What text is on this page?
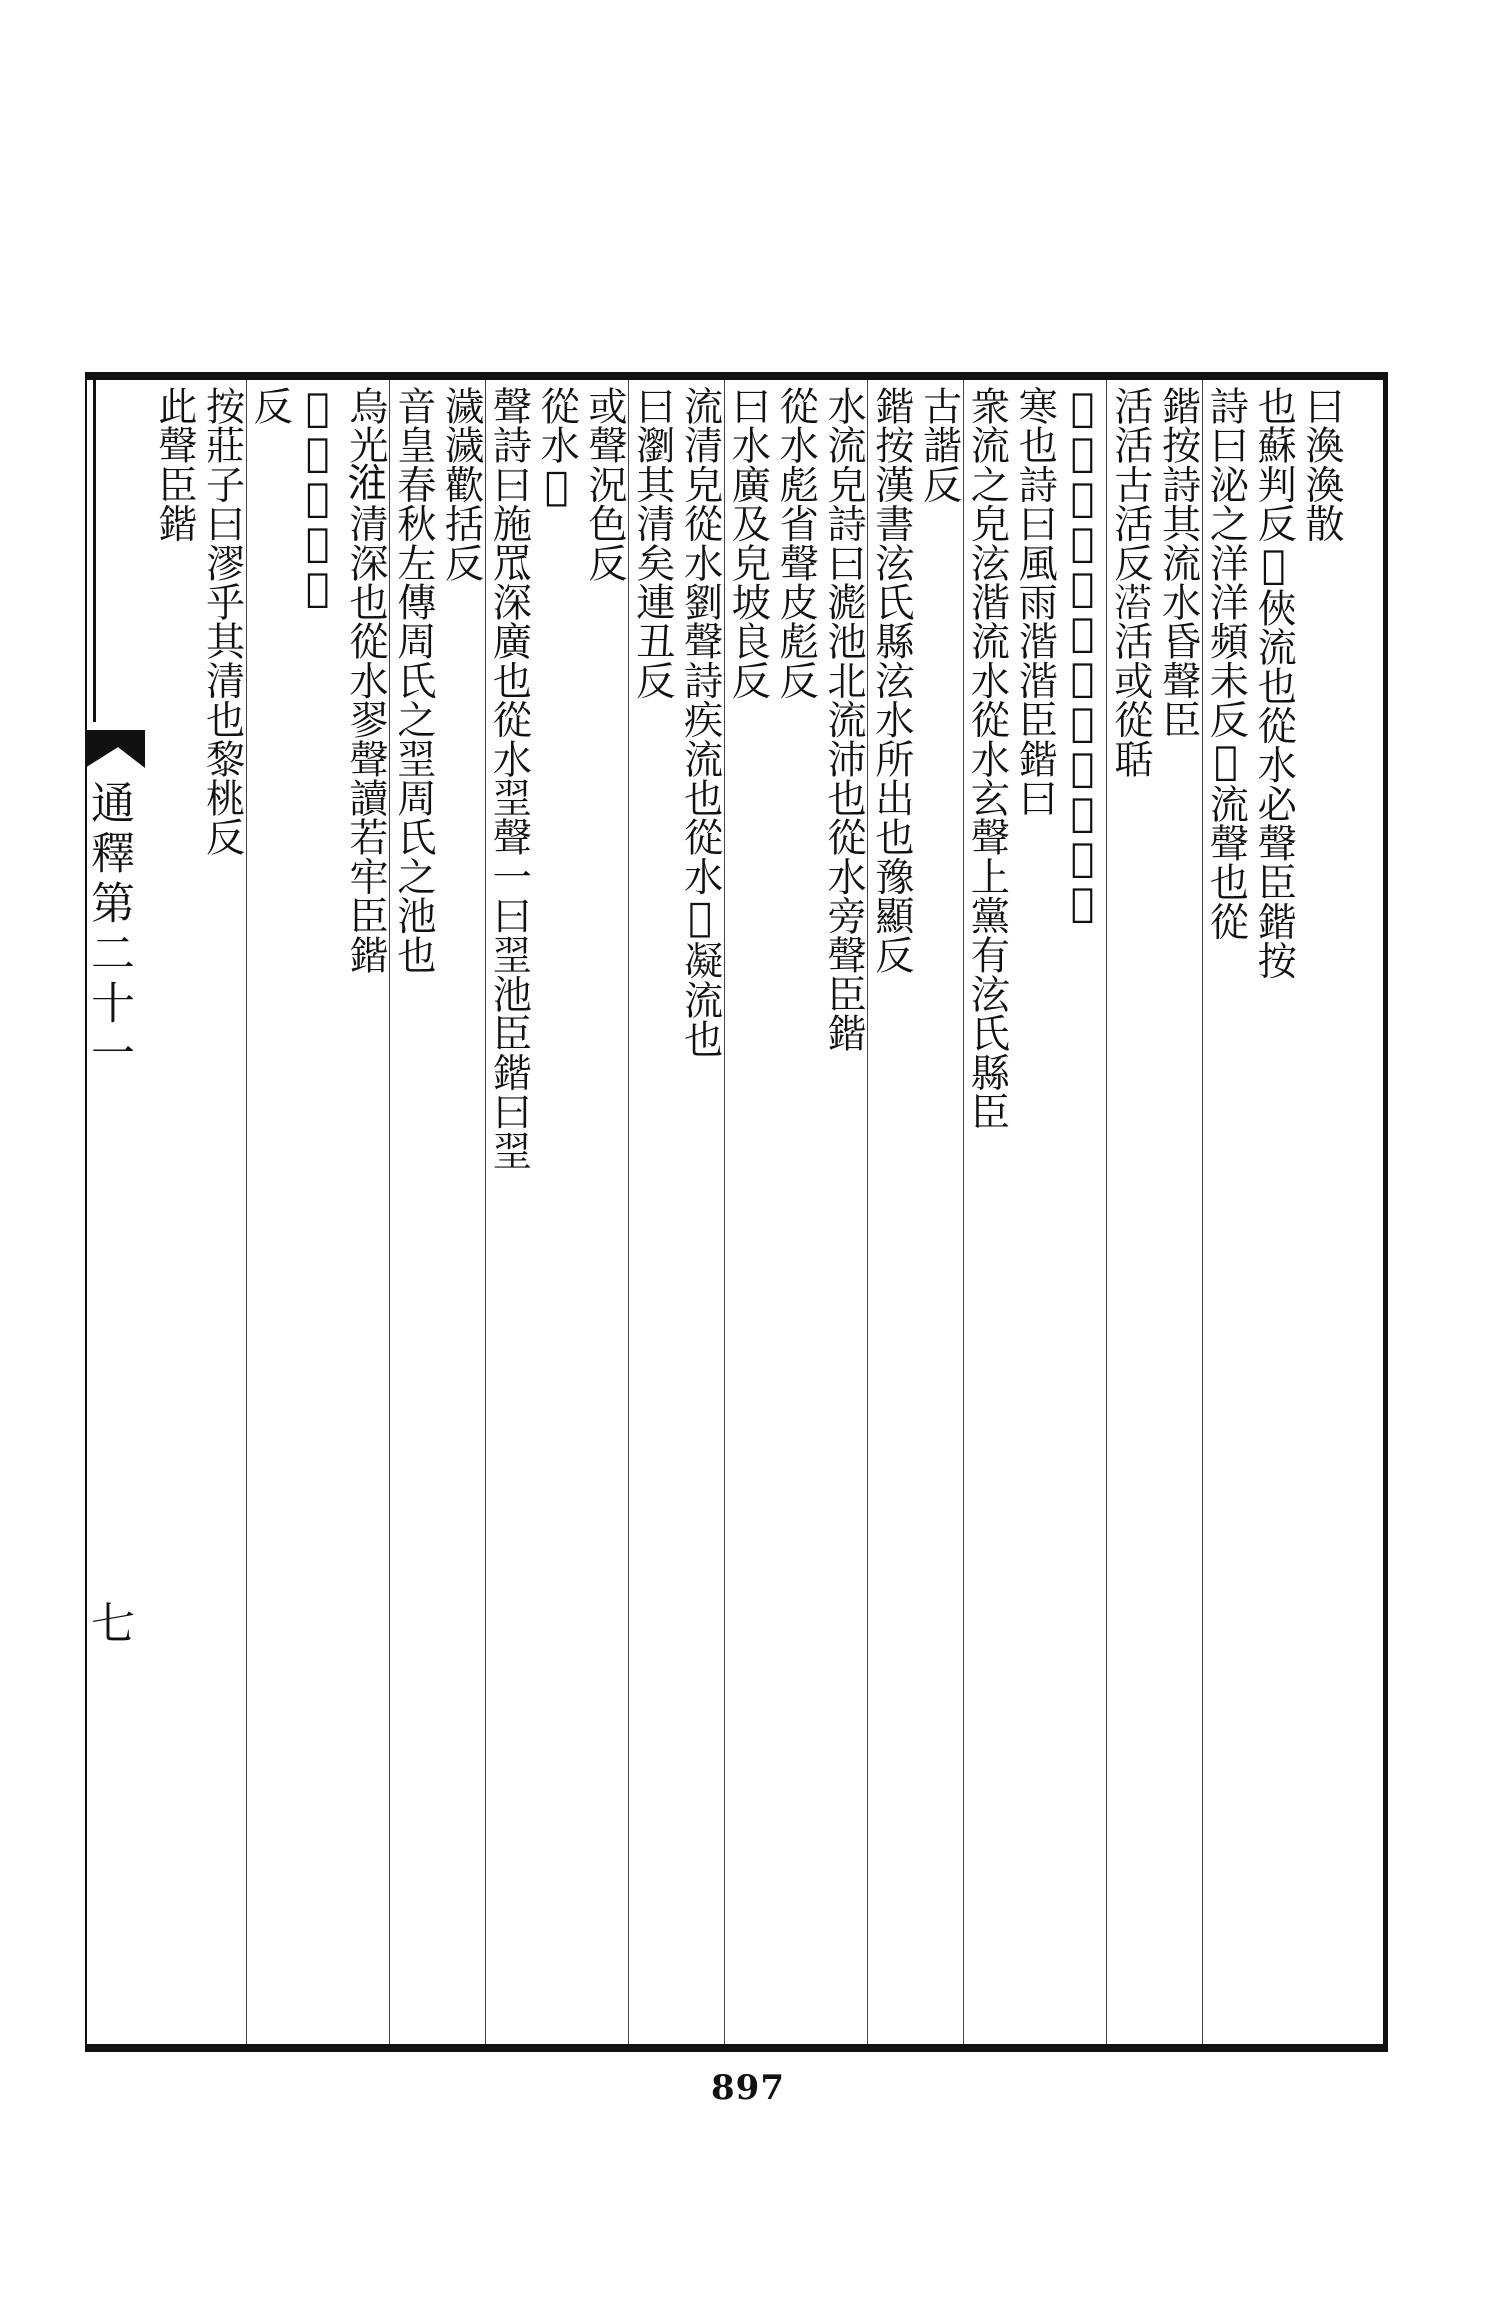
通釋第二十一
七
曰渙渙散
也蘇判反𣲖俠流也從水必聲臣鍇按
詩曰泌之洋洋頻未反𣸩流聲也從
鍇按詩其流水昏聲臣
活活古活反𣹓活或從聒
𣳙水流湝湝從水皆聲一曰湝
寒也詩曰風雨湝湝臣鍇曰
衆流之皃泫湝流水從水玄聲上黨有泫氏縣臣
古諧反
鍇按漢書泫氏縣泫水所出也豫顯反
水流皃詩曰滮池北流沛也從水旁聲臣鍇
從水彪省聲皮彪反
曰水廣及皃坡良反
流清皃從水劉聲詩疾流也從水𣽎凝流也
曰瀏其清矣連丑反
或聲況色反
從水𣻎
聲詩曰施罛深廣也從水䍿聲一曰䍿池臣鍇曰䍿
濊濊歡括反
音皇春秋左傳周氏之䍿周氏之池也
烏光𣶂清深也從水翏聲讀若牢臣鍇
𣲥清也從水
反
按莊子曰漻乎其清也黎桃反
此聲臣鍇
897
